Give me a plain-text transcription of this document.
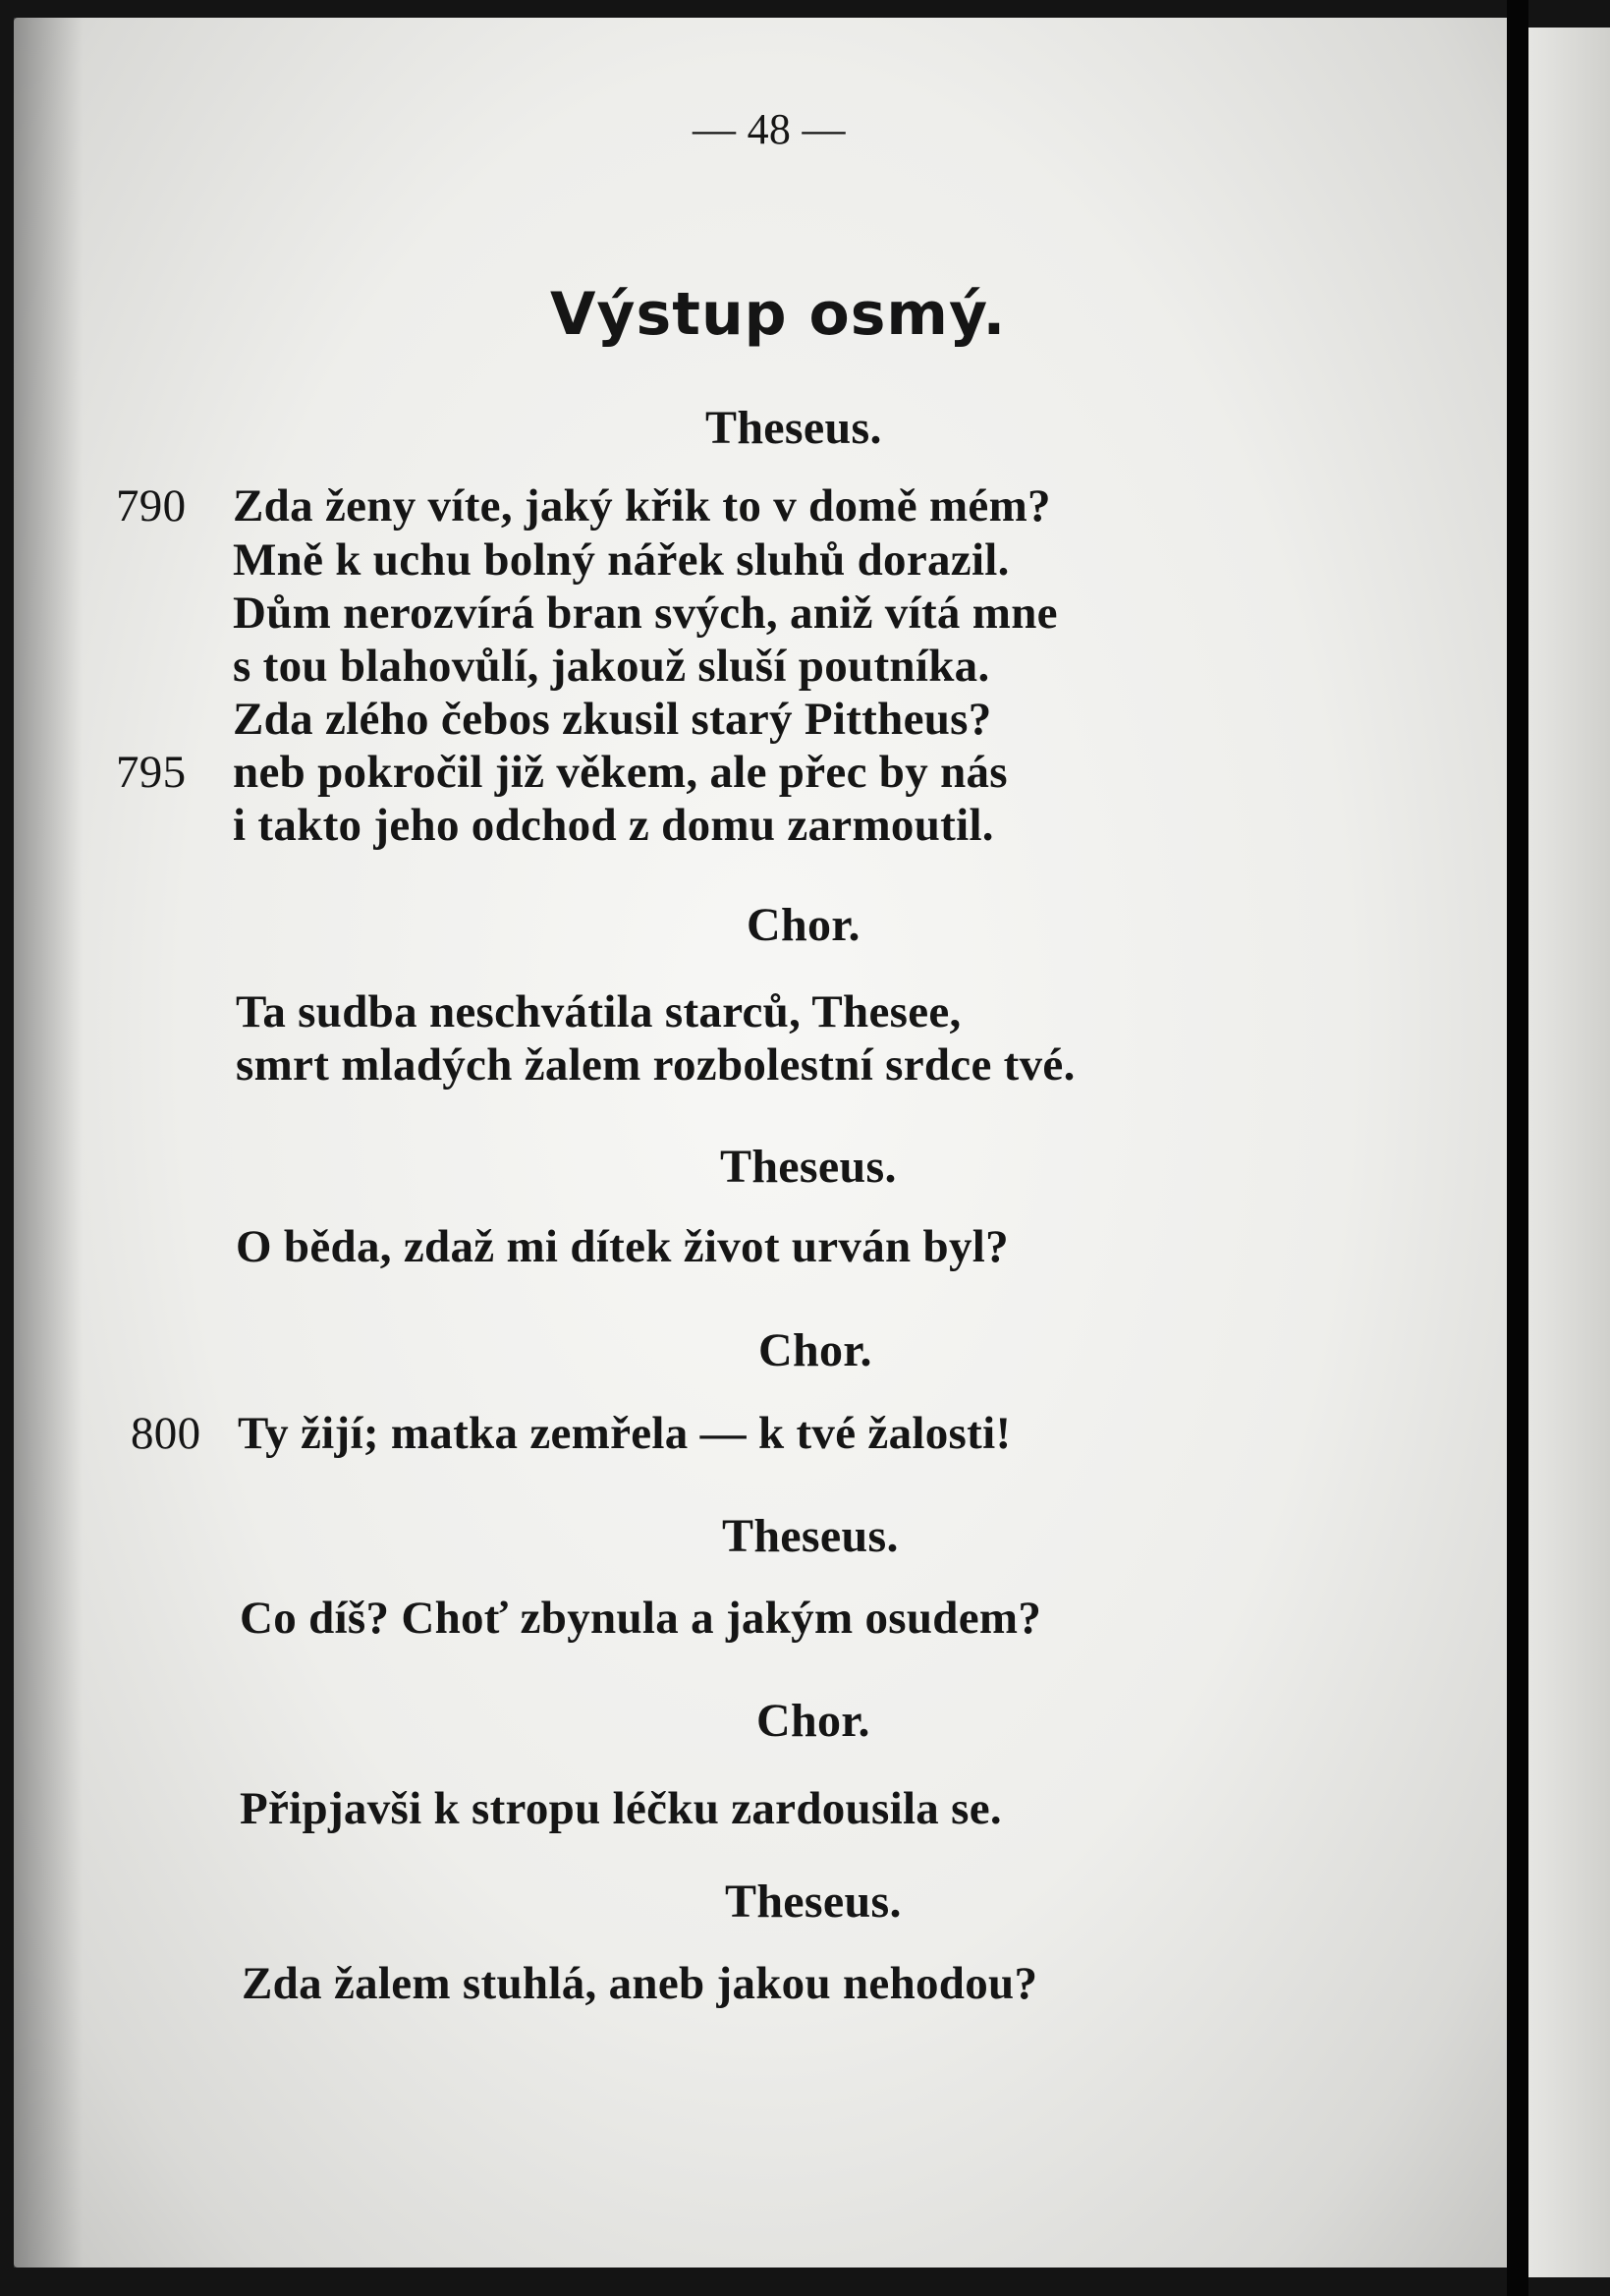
— 48 —
Výstup osmý.
Theseus.
790 Zda ženy víte, jaký křik to v domě mém?
Mně k uchu bolný nářek sluhů dorazil.
Dům nerozvírá bran svých, aniž vítá mne
s tou blahovůlí, jakouž sluší poutníka.
Zda zlého čebos zkusil starý Pittheus?
795 neb pokročil již věkem, ale přec by nás
i takto jeho odchod z domu zarmoutil.
Chor.
Ta sudba neschvátila starců, Thesee,
smrt mladých žalem rozbolestní srdce tvé.
Theseus.
O běda, zdaž mi dítek život urván byl?
Chor.
800 Ty žijí; matka zemřela — k tvé žalosti!
Theseus.
Co díš? Choť zbynula a jakým osudem?
Chor.
Připjavši k stropu léčku zardousila se.
Theseus.
Zda žalem stuhlá, aneb jakou nehodou?
